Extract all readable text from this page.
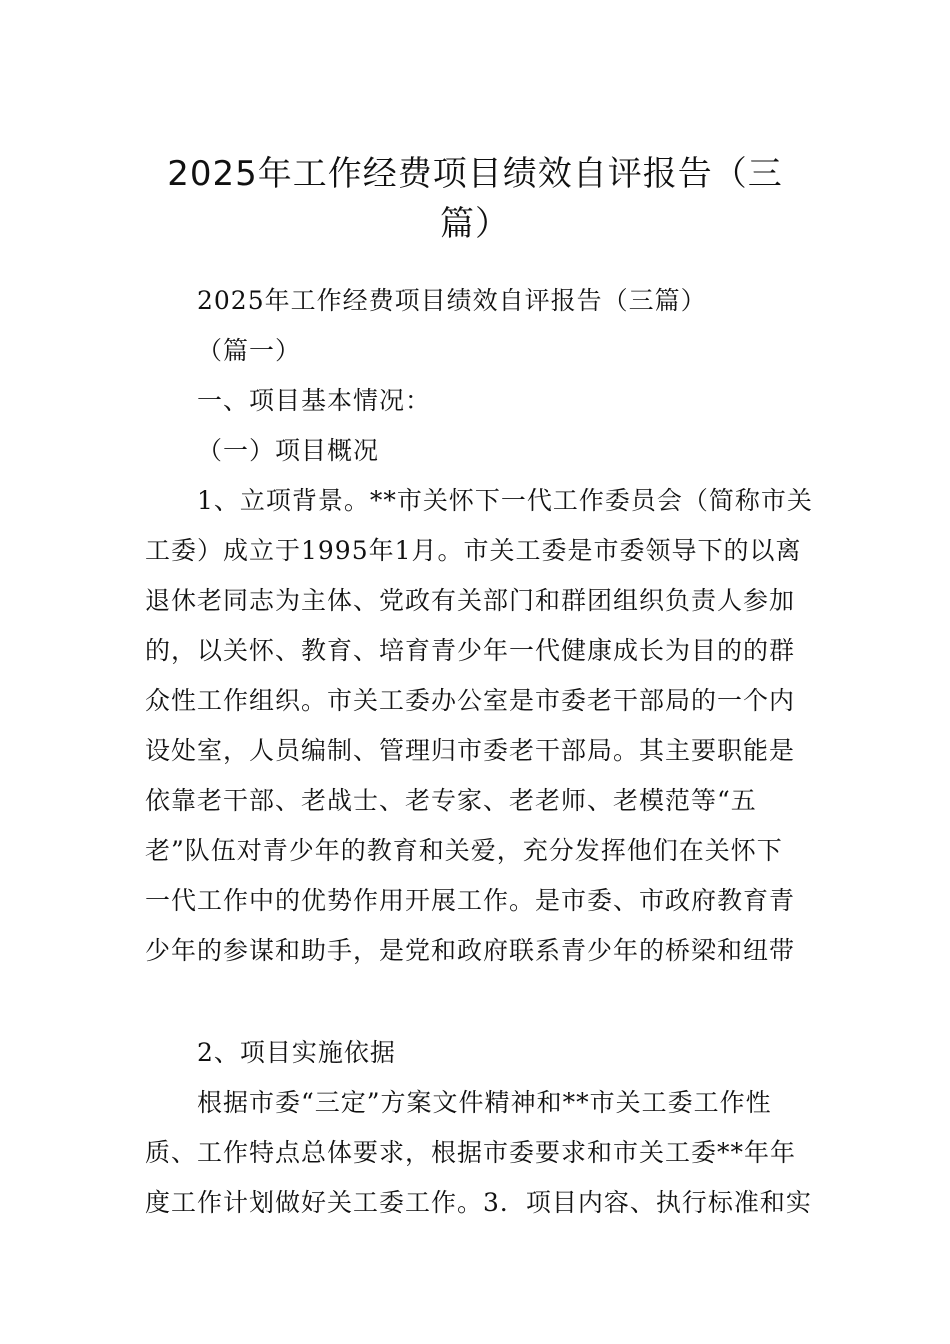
2025年工作经费项目绩效自评报告（三
篇）
2025年工作经费项目绩效自评报告（三篇）
（篇一）
一、项目基本情况：
（一）项目概况
1、立项背景。**市关怀下一代工作委员会（简称市关
工委）成立于1995年1月。市关工委是市委领导下的以离
退休老同志为主体、党政有关部门和群团组织负责人参加
的，以关怀、教育、培育青少年一代健康成长为目的的群
众性工作组织。市关工委办公室是市委老干部局的一个内
设处室，人员编制、管理归市委老干部局。其主要职能是
依靠老干部、老战士、老专家、老老师、老模范等“五
老”队伍对青少年的教育和关爱，充分发挥他们在关怀下
一代工作中的优势作用开展工作。是市委、市政府教育青
少年的参谋和助手，是党和政府联系青少年的桥梁和纽带
2、项目实施依据
根据市委“三定”方案文件精神和**市关工委工作性
质、工作特点总体要求，根据市委要求和市关工委**年年
度工作计划做好关工委工作。3．项目内容、执行标准和实
